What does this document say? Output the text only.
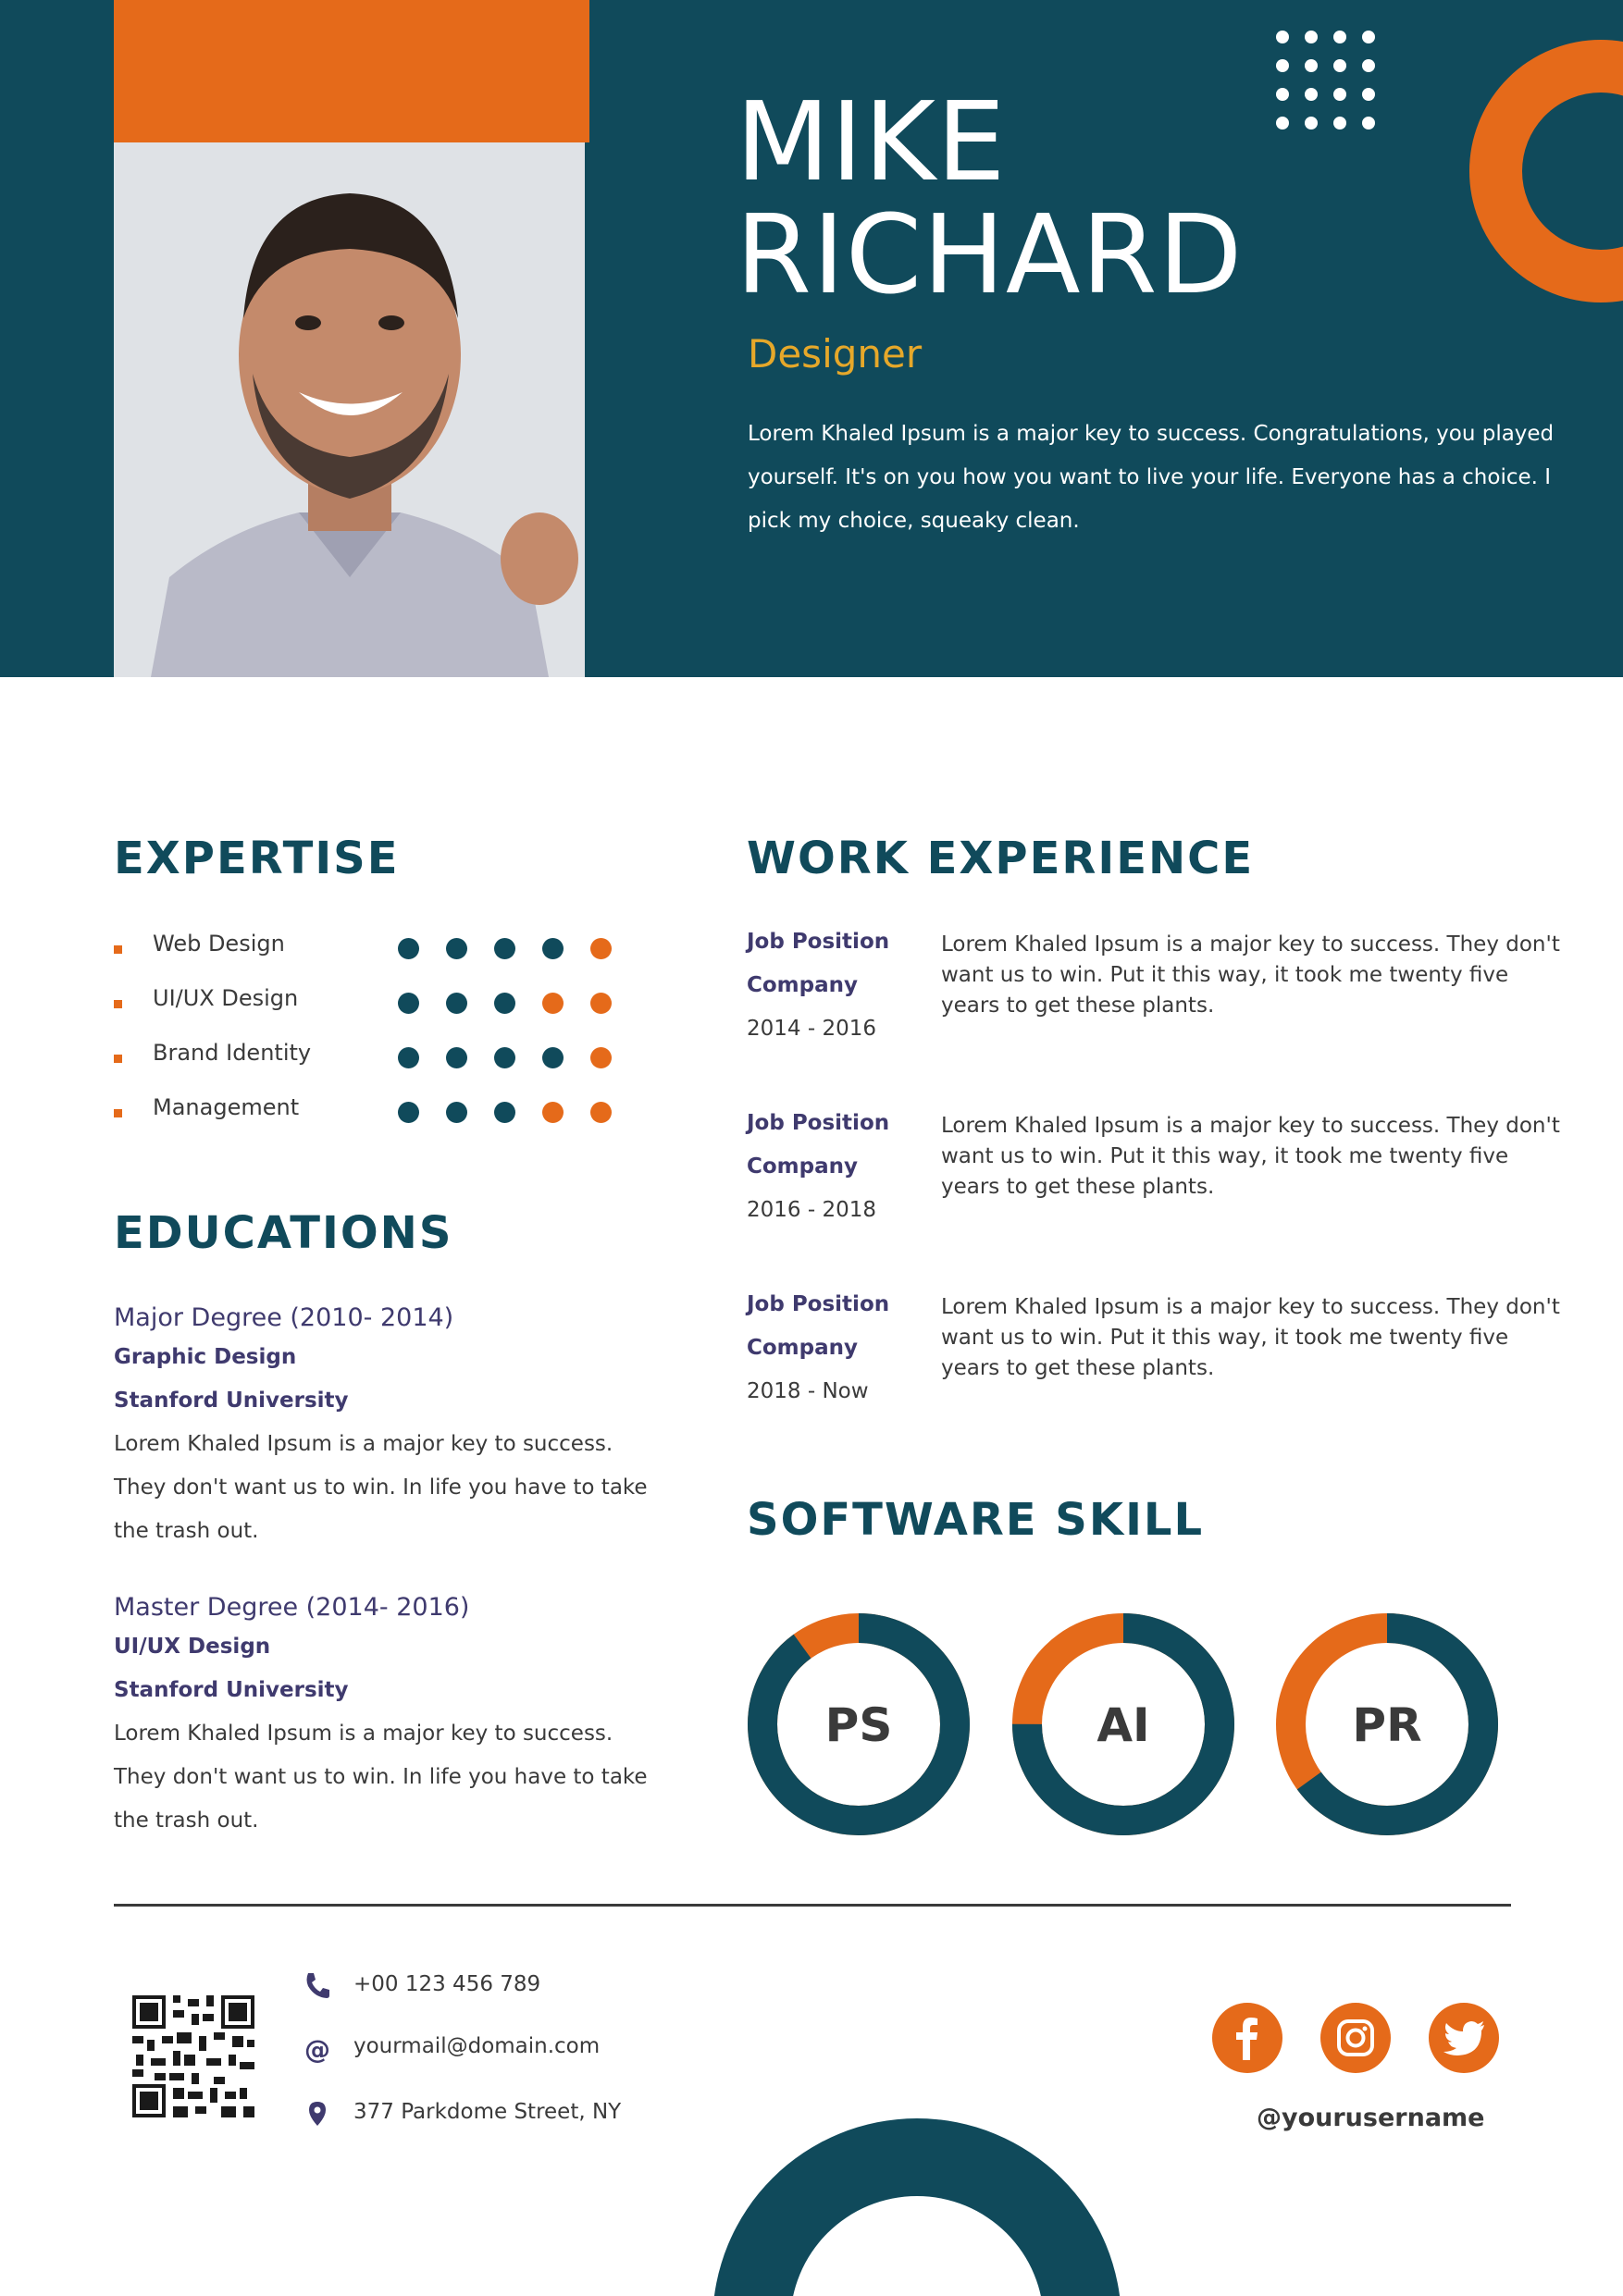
MIKE
RICHARD
Designer
Lorem Khaled Ipsum is a major key to success. Congratulations, you played yourself. It's on you how you want to live your life. Everyone has a choice. I pick my choice, squeaky clean.
EXPERTISE
Web Design
UI/UX Design
Brand Identity
Management
EDUCATIONS
Major Degree (2010- 2014)
Graphic Design
Stanford University
Lorem Khaled Ipsum is a major key to success. They don't want us to win. In life you have to take the trash out.
Master Degree (2014- 2016)
UI/UX Design
Stanford University
Lorem Khaled Ipsum is a major key to success. They don't want us to win. In life you have to take the trash out.
WORK EXPERIENCE
Job Position
Company
2014 - 2016
Lorem Khaled Ipsum is a major key to success. They don't want us to win. Put it this way, it took me twenty five years to get these plants.
Job Position
Company
2016 - 2018
Lorem Khaled Ipsum is a major key to success. They don't want us to win. Put it this way, it took me twenty five years to get these plants.
Job Position
Company
2018 - Now
Lorem Khaled Ipsum is a major key to success. They don't want us to win. Put it this way, it took me twenty five years to get these plants.
SOFTWARE SKILL
PS	AI	PR
+00 123 456 789
@ yourmail@domain.com
377 Parkdome Street, NY	@yourusername
